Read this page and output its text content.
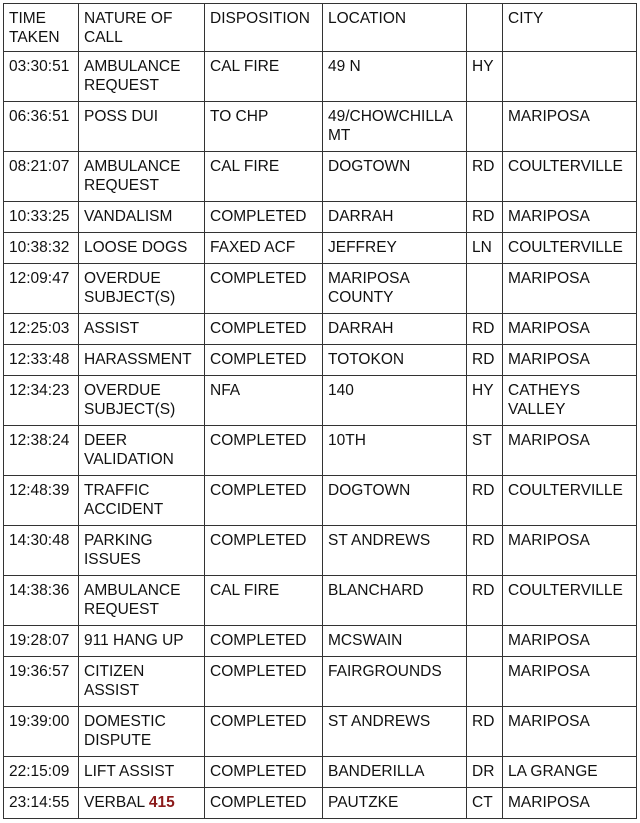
TIME TAKEN	NATURE OF CALL	DISPOSITION	LOCATION		CITY
03:30:51	AMBULANCE REQUEST	CAL FIRE	49 N	HY	
06:36:51	POSS DUI	TO CHP	49/CHOWCHILLA MT		MARIPOSA
08:21:07	AMBULANCE REQUEST	CAL FIRE	DOGTOWN	RD	COULTERVILLE
10:33:25	VANDALISM	COMPLETED	DARRAH	RD	MARIPOSA
10:38:32	LOOSE DOGS	FAXED ACF	JEFFREY	LN	COULTERVILLE
12:09:47	OVERDUE SUBJECT(S)	COMPLETED	MARIPOSA COUNTY		MARIPOSA
12:25:03	ASSIST	COMPLETED	DARRAH	RD	MARIPOSA
12:33:48	HARASSMENT	COMPLETED	TOTOKON	RD	MARIPOSA
12:34:23	OVERDUE SUBJECT(S)	NFA	140	HY	CATHEYS VALLEY
12:38:24	DEER VALIDATION	COMPLETED	10TH	ST	MARIPOSA
12:48:39	TRAFFIC ACCIDENT	COMPLETED	DOGTOWN	RD	COULTERVILLE
14:30:48	PARKING ISSUES	COMPLETED	ST ANDREWS	RD	MARIPOSA
14:38:36	AMBULANCE REQUEST	CAL FIRE	BLANCHARD	RD	COULTERVILLE
19:28:07	911 HANG UP	COMPLETED	MCSWAIN		MARIPOSA
19:36:57	CITIZEN ASSIST	COMPLETED	FAIRGROUNDS		MARIPOSA
19:39:00	DOMESTIC DISPUTE	COMPLETED	ST ANDREWS	RD	MARIPOSA
22:15:09	LIFT ASSIST	COMPLETED	BANDERILLA	DR	LA GRANGE
23:14:55	VERBAL 415	COMPLETED	PAUTZKE	CT	MARIPOSA
